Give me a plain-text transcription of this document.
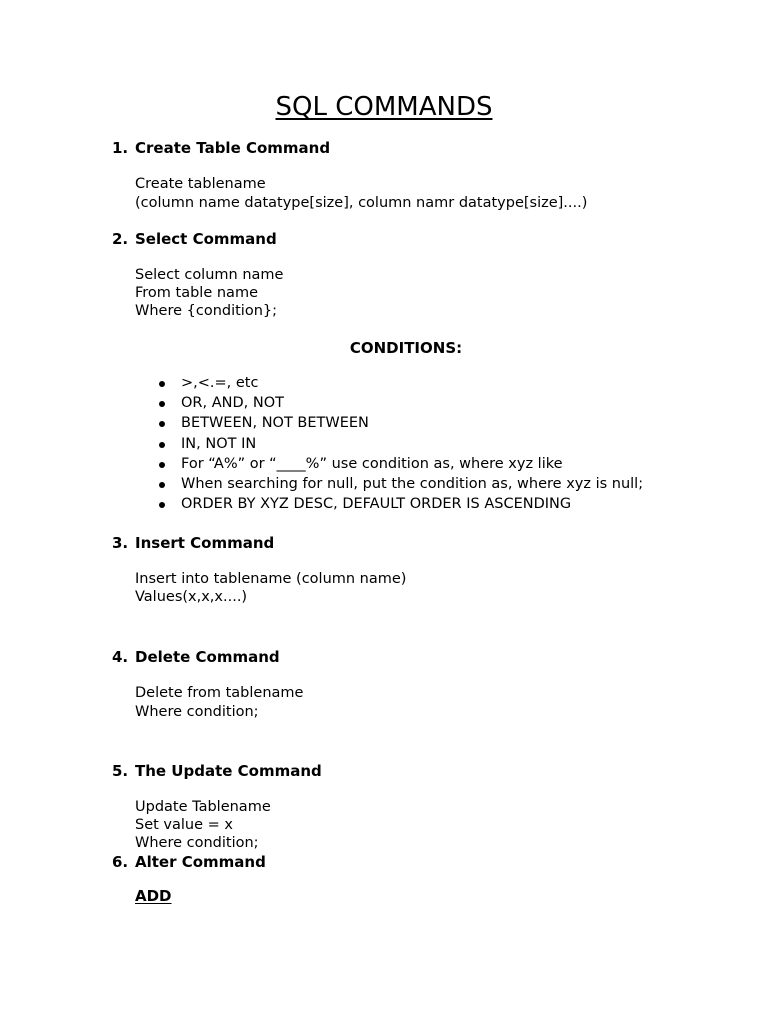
SQL COMMANDS
1. Create Table Command
Create tablename
(column name datatype[size], column namr datatype[size]....)
2. Select Command
Select column name
From table name
Where {condition};
CONDITIONS:
>,<.=, etc
OR, AND, NOT
BETWEEN, NOT BETWEEN
IN, NOT IN
For “A%” or “____%” use condition as, where xyz like
When searching for null, put the condition as, where xyz is null;
ORDER BY XYZ DESC, DEFAULT ORDER IS ASCENDING
3. Insert Command
Insert into tablename (column name)
Values(x,x,x....)
4. Delete Command
Delete from tablename
Where condition;
5. The Update Command
Update Tablename
Set value = x
Where condition;
6. Alter Command
ADD
